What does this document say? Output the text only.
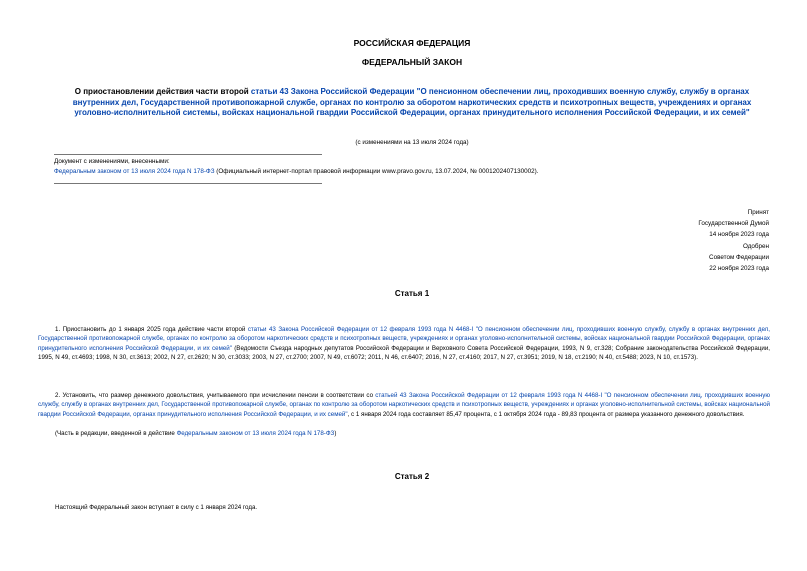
РОССИЙСКАЯ ФЕДЕРАЦИЯ
ФЕДЕРАЛЬНЫЙ ЗАКОН
О приостановлении действия части второй статьи 43 Закона Российской Федерации "О пенсионном обеспечении лиц, проходивших военную службу, службу в органах внутренних дел, Государственной противопожарной службе, органах по контролю за оборотом наркотических средств и психотропных веществ, учреждениях и органах уголовно-исполнительной системы, войсках национальной гвардии Российской Федерации, органах принудительного исполнения Российской Федерации, и их семей"
(с изменениями на 13 июля 2024 года)
Документ с изменениями, внесенными:
Федеральным законом от 13 июля 2024 года N 178-ФЗ (Официальный интернет-портал правовой информации www.pravo.gov.ru, 13.07.2024, № 0001202407130002).
Принят
Государственной Думой
14 ноября 2023 года
Одобрен
Советом Федерации
22 ноября 2023 года
Статья 1
1. Приостановить до 1 января 2025 года действие части второй статьи 43 Закона Российской Федерации от 12 февраля 1993 года N 4468-I "О пенсионном обеспечении лиц, проходивших военную службу, службу в органах внутренних дел, Государственной противопожарной службе, органах по контролю за оборотом наркотических средств и психотропных веществ, учреждениях и органах уголовно-исполнительной системы, войсках национальной гвардии Российской Федерации, органах принудительного исполнения Российской Федерации, и их семей" (Ведомости Съезда народных депутатов Российской Федерации и Верховного Совета Российской Федерации, 1993, N 9, ст.328; Собрание законодательства Российской Федерации, 1995, N 49, ст.4693; 1998, N 30, ст.3613; 2002, N 27, ст.2620; N 30, ст.3033; 2003, N 27, ст.2700; 2007, N 49, ст.6072; 2011, N 46, ст.6407; 2016, N 27, ст.4160; 2017, N 27, ст.3951; 2019, N 18, ст.2190; N 40, ст.5488; 2023, N 10, ст.1573).
2. Установить, что размер денежного довольствия, учитываемого при исчислении пенсии в соответствии со статьей 43 Закона Российской Федерации от 12 февраля 1993 года N 4468-I "О пенсионном обеспечении лиц, проходивших военную службу, службу в органах внутренних дел, Государственной противопожарной службе, органах по контролю за оборотом наркотических средств и психотропных веществ, учреждениях и органах уголовно-исполнительной системы, войсках национальной гвардии Российской Федерации, органах принудительного исполнения Российской Федерации, и их семей", с 1 января 2024 года составляет 85,47 процента, с 1 октября 2024 года - 89,83 процента от размера указанного денежного довольствия.
(Часть в редакции, введенной в действие Федеральным законом от 13 июля 2024 года N 178-ФЗ)
Статья 2
Настоящий Федеральный закон вступает в силу с 1 января 2024 года.
